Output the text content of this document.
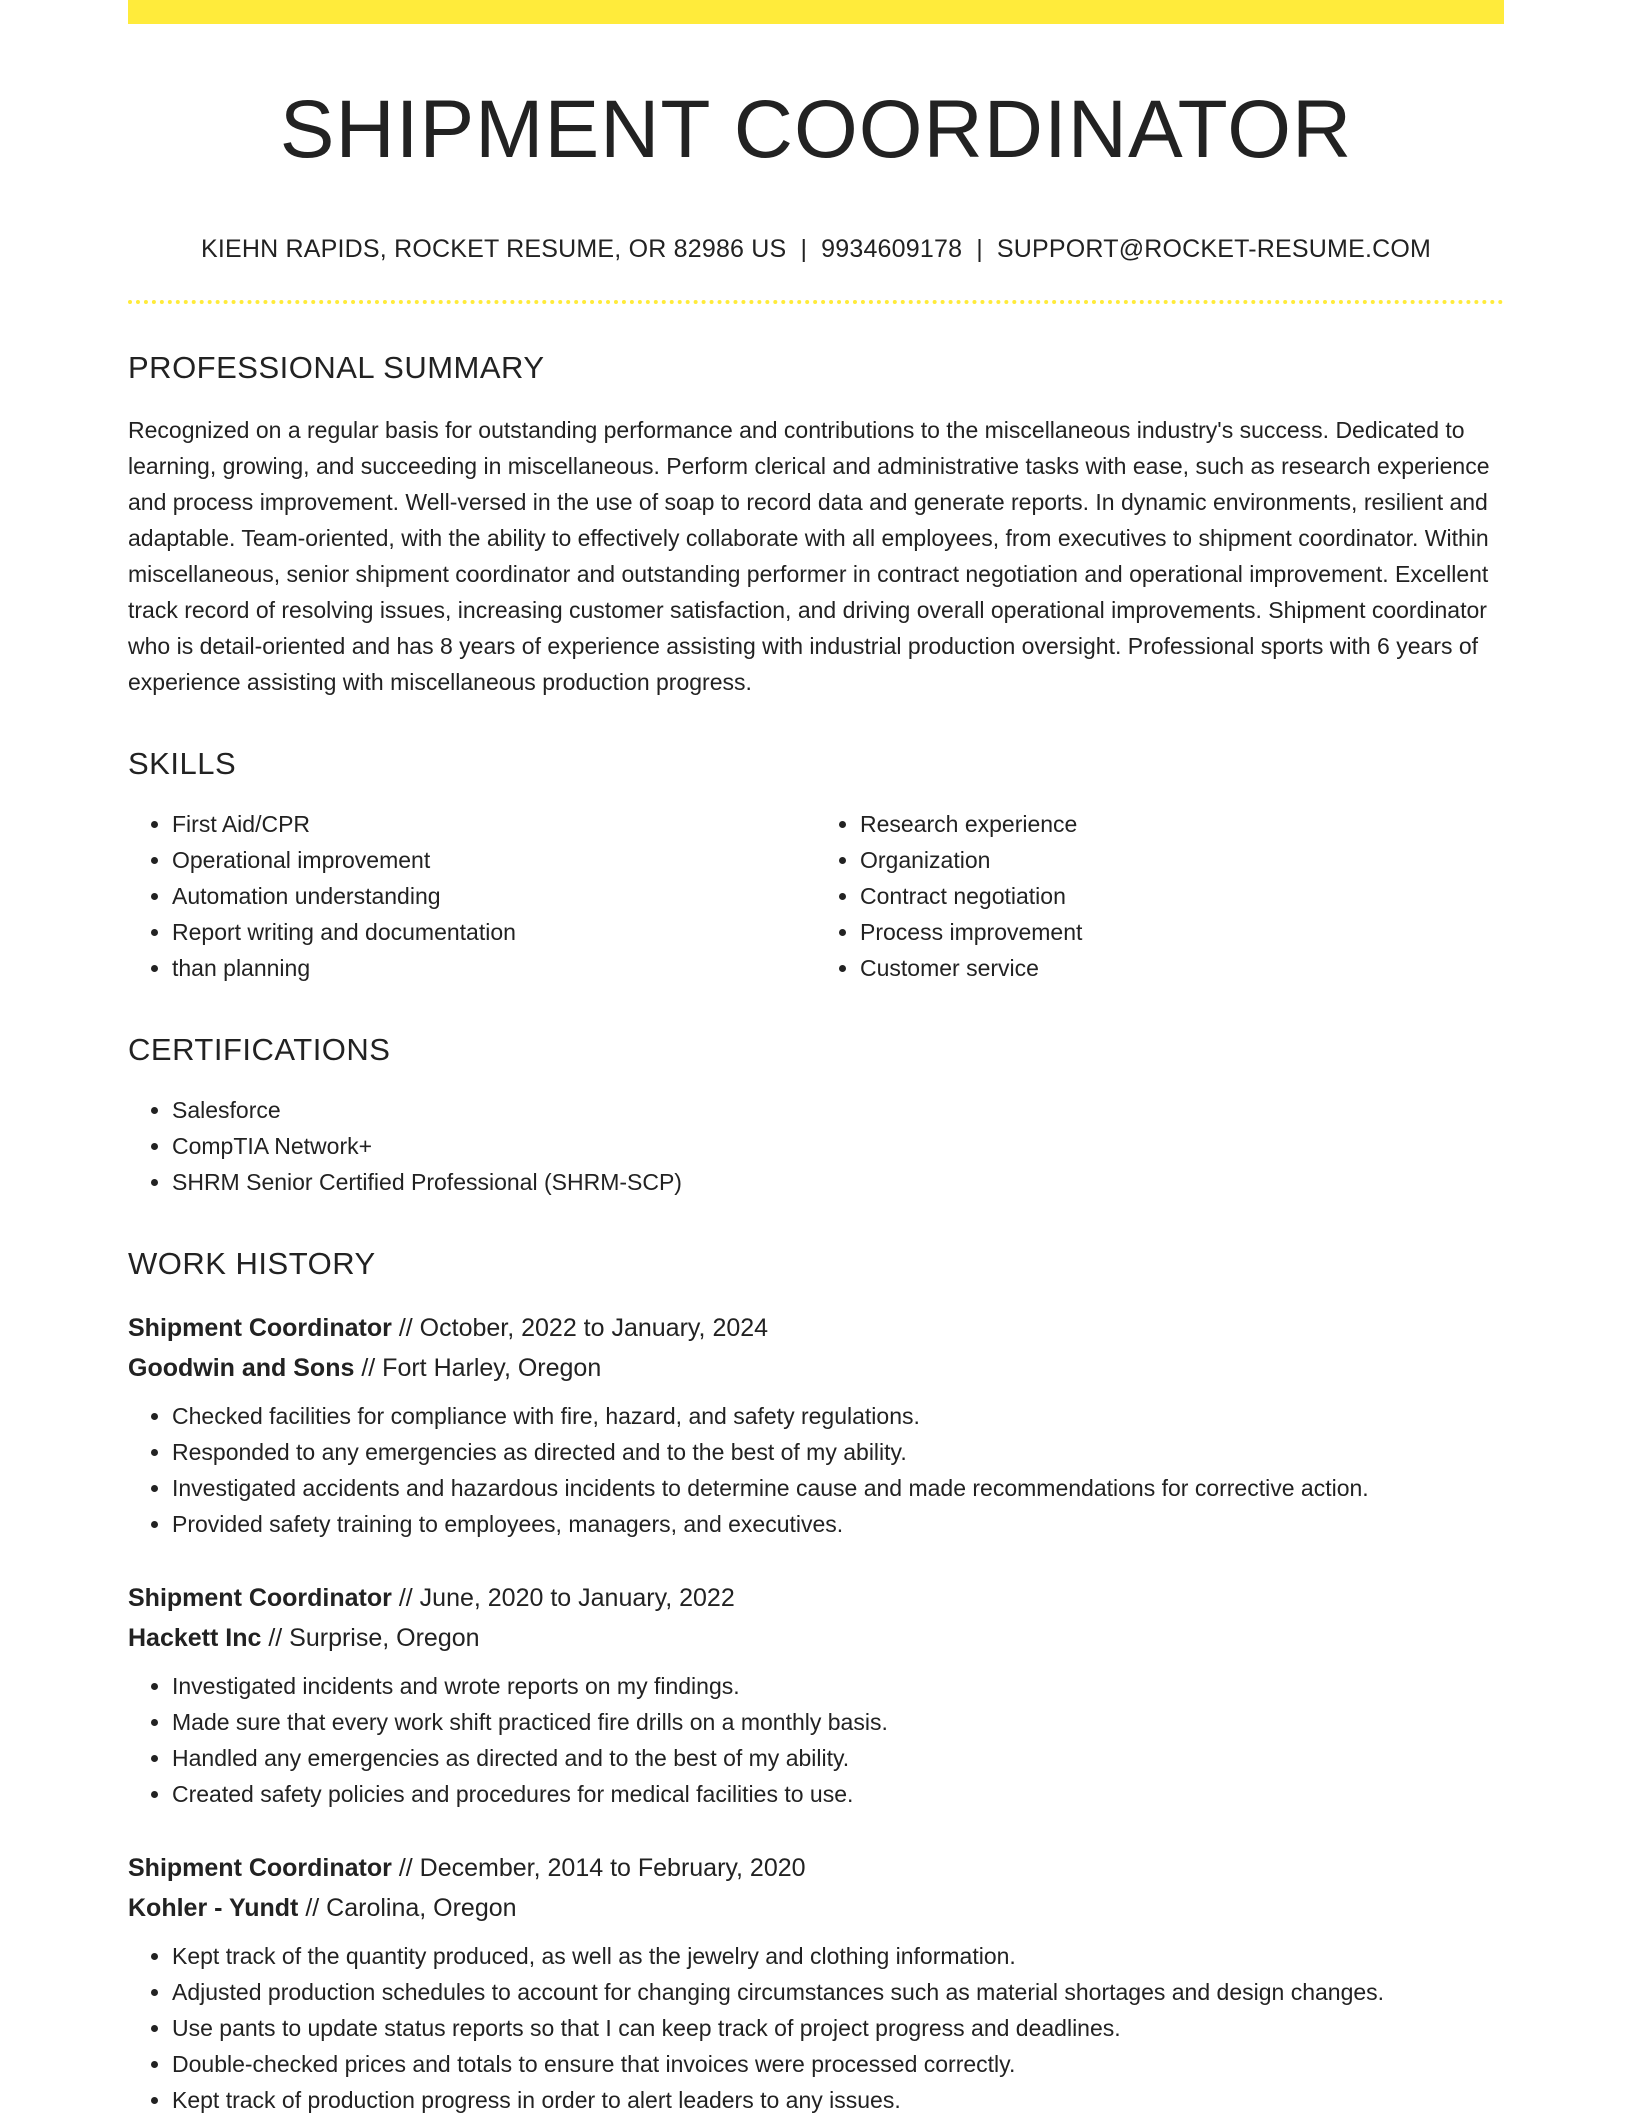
SHIPMENT COORDINATOR
KIEHN RAPIDS, ROCKET RESUME, OR 82986 US | 9934609178 | SUPPORT@ROCKET-RESUME.COM
PROFESSIONAL SUMMARY
Recognized on a regular basis for outstanding performance and contributions to the miscellaneous industry's success. Dedicated to learning, growing, and succeeding in miscellaneous. Perform clerical and administrative tasks with ease, such as research experience and process improvement. Well-versed in the use of soap to record data and generate reports. In dynamic environments, resilient and adaptable. Team-oriented, with the ability to effectively collaborate with all employees, from executives to shipment coordinator. Within miscellaneous, senior shipment coordinator and outstanding performer in contract negotiation and operational improvement. Excellent track record of resolving issues, increasing customer satisfaction, and driving overall operational improvements. Shipment coordinator who is detail-oriented and has 8 years of experience assisting with industrial production oversight. Professional sports with 6 years of experience assisting with miscellaneous production progress.
SKILLS
• First Aid/CPR
• Operational improvement
• Automation understanding
• Report writing and documentation
• than planning
• Research experience
• Organization
• Contract negotiation
• Process improvement
• Customer service
CERTIFICATIONS
• Salesforce
• CompTIA Network+
• SHRM Senior Certified Professional (SHRM-SCP)
WORK HISTORY
Shipment Coordinator // October, 2022 to January, 2024
Goodwin and Sons // Fort Harley, Oregon
• Checked facilities for compliance with fire, hazard, and safety regulations.
• Responded to any emergencies as directed and to the best of my ability.
• Investigated accidents and hazardous incidents to determine cause and made recommendations for corrective action.
• Provided safety training to employees, managers, and executives.
Shipment Coordinator // June, 2020 to January, 2022
Hackett Inc // Surprise, Oregon
• Investigated incidents and wrote reports on my findings.
• Made sure that every work shift practiced fire drills on a monthly basis.
• Handled any emergencies as directed and to the best of my ability.
• Created safety policies and procedures for medical facilities to use.
Shipment Coordinator // December, 2014 to February, 2020
Kohler - Yundt // Carolina, Oregon
• Kept track of the quantity produced, as well as the jewelry and clothing information.
• Adjusted production schedules to account for changing circumstances such as material shortages and design changes.
• Use pants to update status reports so that I can keep track of project progress and deadlines.
• Double-checked prices and totals to ensure that invoices were processed correctly.
• Kept track of production progress in order to alert leaders to any issues.
